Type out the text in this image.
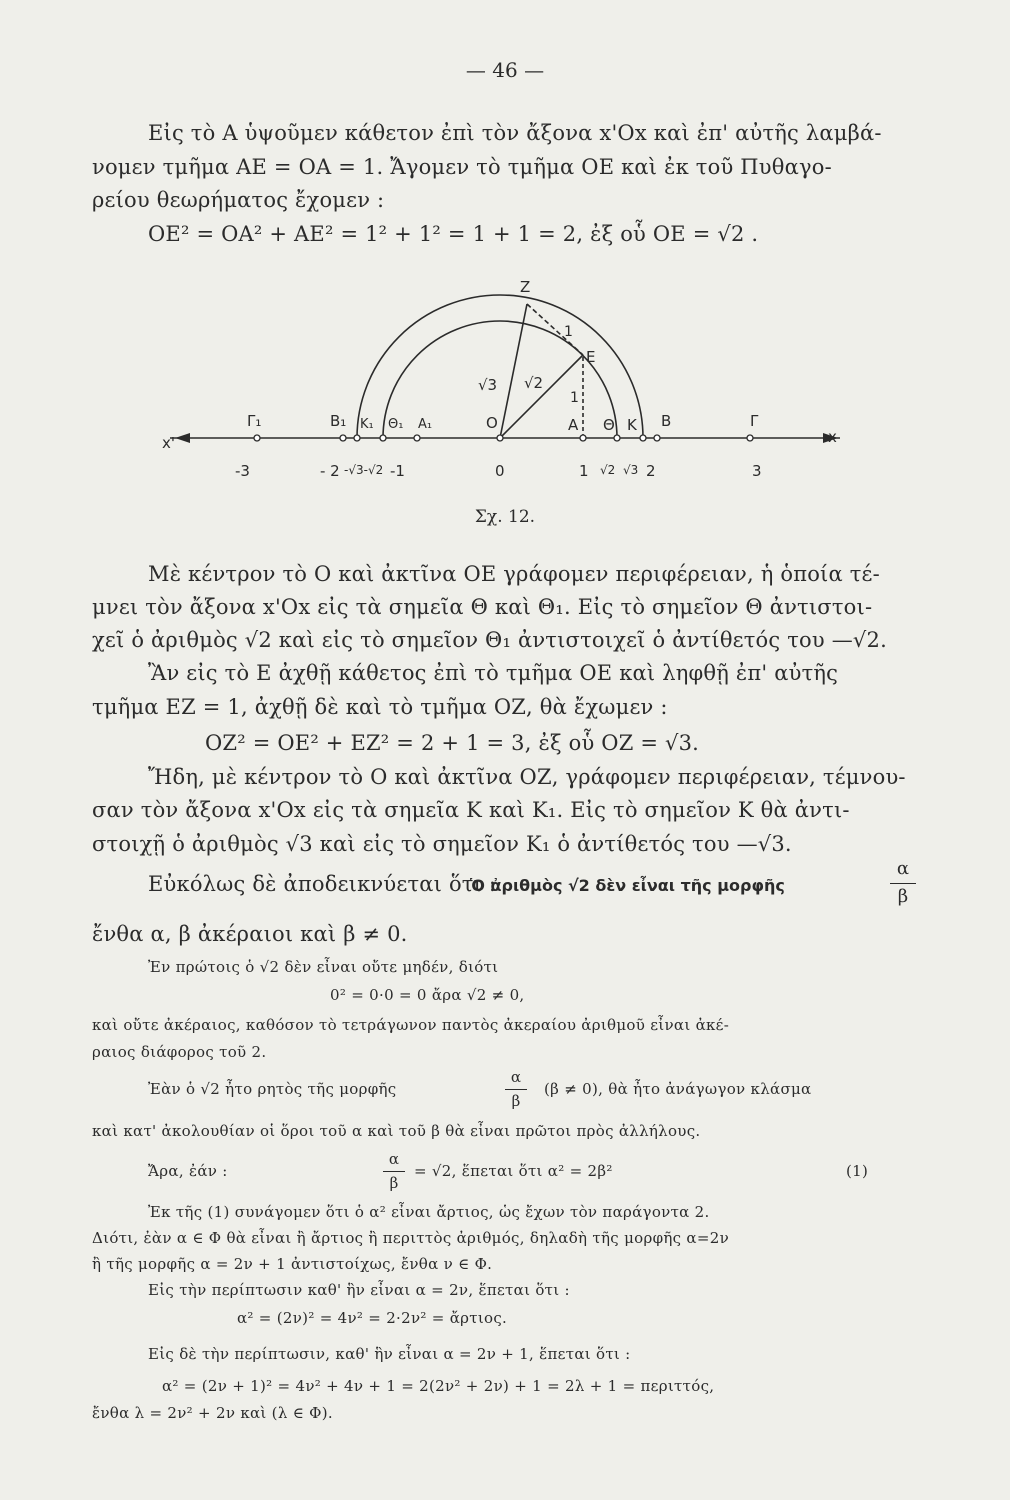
— 46 —
Εἰς τὸ Α ὑψοῦμεν κάθετον ἐπὶ τὸν ἄξονα x'Ox καὶ ἐπ' αὐτῆς λαμβά-
νομεν τμῆμα ΑΕ = ΟΑ = 1. Ἄγομεν τὸ τμῆμα ΟΕ καὶ ἐκ τοῦ Πυθαγο-
ρείου θεωρήματος ἔχομεν :
ΟΕ² = ΟΑ² + ΑΕ² = 1² + 1² = 1 + 1 = 2, ἐξ οὗ ΟΕ = √2 .
x'	x
Z
E
Γ₁	B₁ K₁ Θ₁ A₁	O	A Θ K B	Γ
√3 √2
1
1
-3	- 2 -√3-√2 -1	0	1 √2 √3 2	3
Σχ. 12.
Μὲ κέντρον τὸ Ο καὶ ἀκτῖνα ΟΕ γράφομεν περιφέρειαν, ἡ ὁποία τέ-
μνει τὸν ἄξονα x'Ox εἰς τὰ σημεῖα Θ καὶ Θ₁. Εἰς τὸ σημεῖον Θ ἀντιστοι-
χεῖ ὁ ἀριθμὸς √2 καὶ εἰς τὸ σημεῖον Θ₁ ἀντιστοιχεῖ ὁ ἀντίθετός του —√2.
Ἂν εἰς τὸ Ε ἀχθῇ κάθετος ἐπὶ τὸ τμῆμα ΟΕ καὶ ληφθῇ ἐπ' αὐτῆς
τμῆμα ΕΖ = 1, ἀχθῇ δὲ καὶ τὸ τμῆμα ΟΖ, θὰ ἔχωμεν :
ΟΖ² = ΟΕ² + ΕΖ² = 2 + 1 = 3, ἐξ οὗ ΟΖ = √3.
Ἤδη, μὲ κέντρον τὸ Ο καὶ ἀκτῖνα ΟΖ, γράφομεν περιφέρειαν, τέμνου-
σαν τὸν ἄξονα x'Ox εἰς τὰ σημεῖα Κ καὶ Κ₁. Εἰς τὸ σημεῖον Κ θὰ ἀντι-
στοιχῇ ὁ ἀριθμὸς √3 καὶ εἰς τὸ σημεῖον Κ₁ ὁ ἀντίθετός του —√3.
Εὐκόλως δὲ ἀποδεικνύεται ὅτι :
Ὁ ἀριθμὸς √2 δὲν εἶναι τῆς μορφῆς
α
β
ἔνθα α, β ἀκέραιοι καὶ β ≠ 0.
Ἐν πρώτοις ὁ √2 δὲν εἶναι οὔτε μηδέν, διότι
0² = 0·0 = 0 ἄρα √2 ≠ 0,
καὶ οὔτε ἀκέραιος, καθόσον τὸ τετράγωνον παντὸς ἀκεραίου ἀριθμοῦ εἶναι ἀκέ-
ραιος διάφορος τοῦ 2.
Ἐὰν ὁ √2 ἦτο ρητὸς τῆς μορφῆς
α
β
(β ≠ 0), θὰ ἦτο ἀνάγωγον κλάσμα
καὶ κατ' ἀκολουθίαν οἱ ὅροι τοῦ α καὶ τοῦ β θὰ εἶναι πρῶτοι πρὸς ἀλλήλους.
Ἄρα, ἐάν :
α
β
= √2, ἕπεται ὅτι α² = 2β²	(1)
Ἐκ τῆς (1) συνάγομεν ὅτι ὁ α² εἶναι ἄρτιος, ὡς ἔχων τὸν παράγοντα 2.
Διότι, ἐὰν α ∈ Φ θὰ εἶναι ἢ ἄρτιος ἢ περιττὸς ἀριθμός, δηλαδὴ τῆς μορφῆς α=2ν
ἢ τῆς μορφῆς α = 2ν + 1 ἀντιστοίχως, ἔνθα ν ∈ Φ.
Εἰς τὴν περίπτωσιν καθ' ἣν εἶναι α = 2ν, ἕπεται ὅτι :
α² = (2ν)² = 4ν² = 2·2ν² = ἄρτιος.
Εἰς δὲ τὴν περίπτωσιν, καθ' ἣν εἶναι α = 2ν + 1, ἕπεται ὅτι :
α² = (2ν + 1)² = 4ν² + 4ν + 1 = 2(2ν² + 2ν) + 1 = 2λ + 1 = περιττός,
ἔνθα λ = 2ν² + 2ν καὶ (λ ∈ Φ).
